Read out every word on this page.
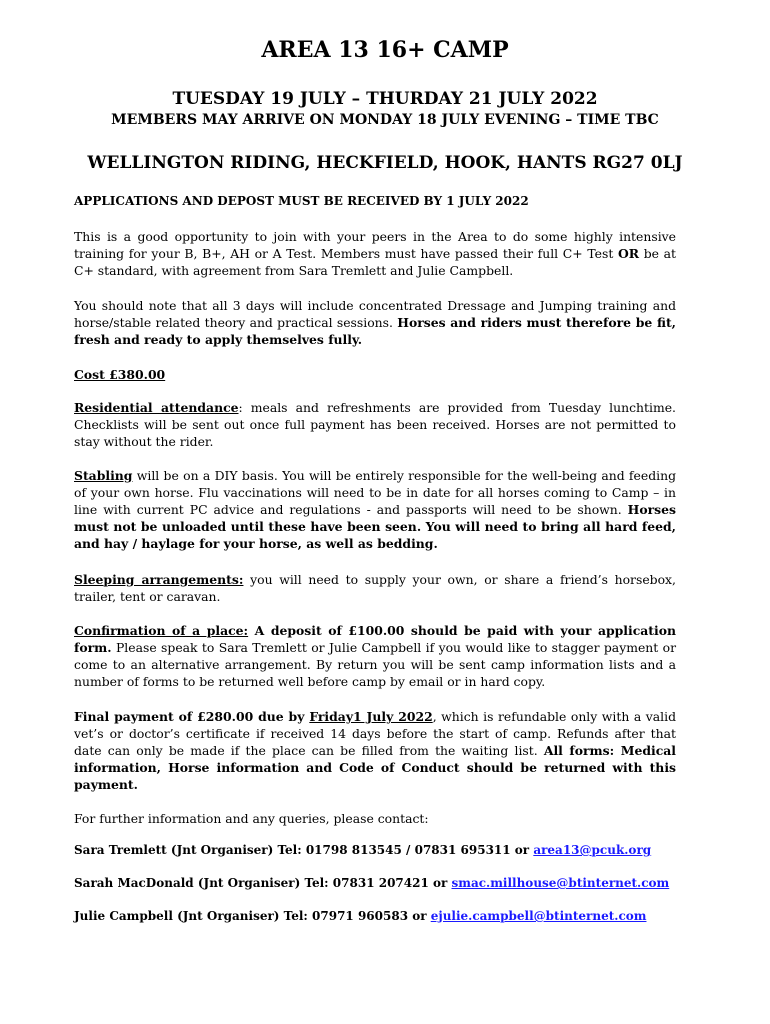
AREA 13 16+ CAMP
TUESDAY 19 JULY – THURDAY 21 JULY 2022
MEMBERS MAY ARRIVE ON MONDAY 18 JULY EVENING – TIME TBC
WELLINGTON RIDING, HECKFIELD, HOOK, HANTS RG27 0LJ
APPLICATIONS AND DEPOST MUST BE RECEIVED BY 1 JULY 2022
This is a good opportunity to join with your peers in the Area to do some highly intensive training for your B, B+, AH or A Test. Members must have passed their full C+ Test OR be at C+ standard, with agreement from Sara Tremlett and Julie Campbell.
You should note that all 3 days will include concentrated Dressage and Jumping training and horse/stable related theory and practical sessions. Horses and riders must therefore be fit, fresh and ready to apply themselves fully.
Cost £380.00
Residential attendance: meals and refreshments are provided from Tuesday lunchtime. Checklists will be sent out once full payment has been received. Horses are not permitted to stay without the rider.
Stabling will be on a DIY basis. You will be entirely responsible for the well-being and feeding of your own horse. Flu vaccinations will need to be in date for all horses coming to Camp – in line with current PC advice and regulations - and passports will need to be shown. Horses must not be unloaded until these have been seen. You will need to bring all hard feed, and hay / haylage for your horse, as well as bedding.
Sleeping arrangements: you will need to supply your own, or share a friend’s horsebox, trailer, tent or caravan.
Confirmation of a place: A deposit of £100.00 should be paid with your application form. Please speak to Sara Tremlett or Julie Campbell if you would like to stagger payment or come to an alternative arrangement. By return you will be sent camp information lists and a number of forms to be returned well before camp by email or in hard copy.
Final payment of £280.00 due by Friday1 July 2022, which is refundable only with a valid vet’s or doctor’s certificate if received 14 days before the start of camp. Refunds after that date can only be made if the place can be filled from the waiting list. All forms: Medical information, Horse information and Code of Conduct should be returned with this payment.
For further information and any queries, please contact:
Sara Tremlett (Jnt Organiser) Tel: 01798 813545 / 07831 695311 or area13@pcuk.org
Sarah MacDonald (Jnt Organiser) Tel: 07831 207421 or smac.millhouse@btinternet.com
Julie Campbell (Jnt Organiser) Tel: 07971 960583 or ejulie.campbell@btinternet.com
